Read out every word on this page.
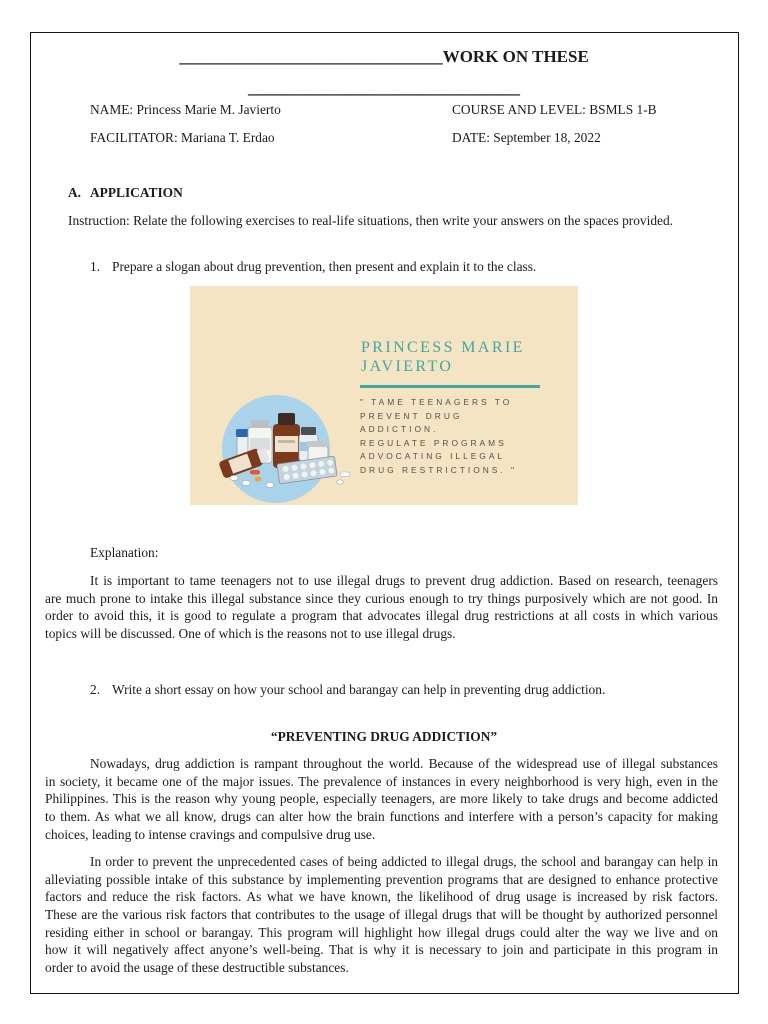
_______________________________WORK ON THESE
________________________________
NAME: Princess Marie M. Javierto	COURSE AND LEVEL: BSMLS 1-B
FACILITATOR: Mariana T. Erdao	DATE: September 18, 2022
A. APPLICATION
Instruction: Relate the following exercises to real-life situations, then write your answers on the spaces provided.
1. Prepare a slogan about drug prevention, then present and explain it to the class.
PRINCESS MARIE
JAVIERTO
" TAME TEENAGERS TO
PREVENT DRUG
ADDICTION.
REGULATE PROGRAMS
ADVOCATING ILLEGAL
DRUG RESTRICTIONS. "
Explanation:
It is important to tame teenagers not to use illegal drugs to prevent drug addiction. Based on research, teenagers
are much prone to intake this illegal substance since they curious enough to try things purposively which are not good. In
order to avoid this, it is good to regulate a program that advocates illegal drug restrictions at all costs in which various
topics will be discussed. One of which is the reasons not to use illegal drugs.
2. Write a short essay on how your school and barangay can help in preventing drug addiction.
“PREVENTING DRUG ADDICTION”
Nowadays, drug addiction is rampant throughout the world. Because of the widespread use of illegal substances
in society, it became one of the major issues. The prevalence of instances in every neighborhood is very high, even in the
Philippines. This is the reason why young people, especially teenagers, are more likely to take drugs and become addicted
to them. As what we all know, drugs can alter how the brain functions and interfere with a person’s capacity for making
choices, leading to intense cravings and compulsive drug use.
In order to prevent the unprecedented cases of being addicted to illegal drugs, the school and barangay can help in
alleviating possible intake of this substance by implementing prevention programs that are designed to enhance protective
factors and reduce the risk factors. As what we have known, the likelihood of drug usage is increased by risk factors.
These are the various risk factors that contributes to the usage of illegal drugs that will be thought by authorized personnel
residing either in school or barangay. This program will highlight how illegal drugs could alter the way we live and on
how it will negatively affect anyone’s well-being. That is why it is necessary to join and participate in this program in
order to avoid the usage of these destructible substances.
